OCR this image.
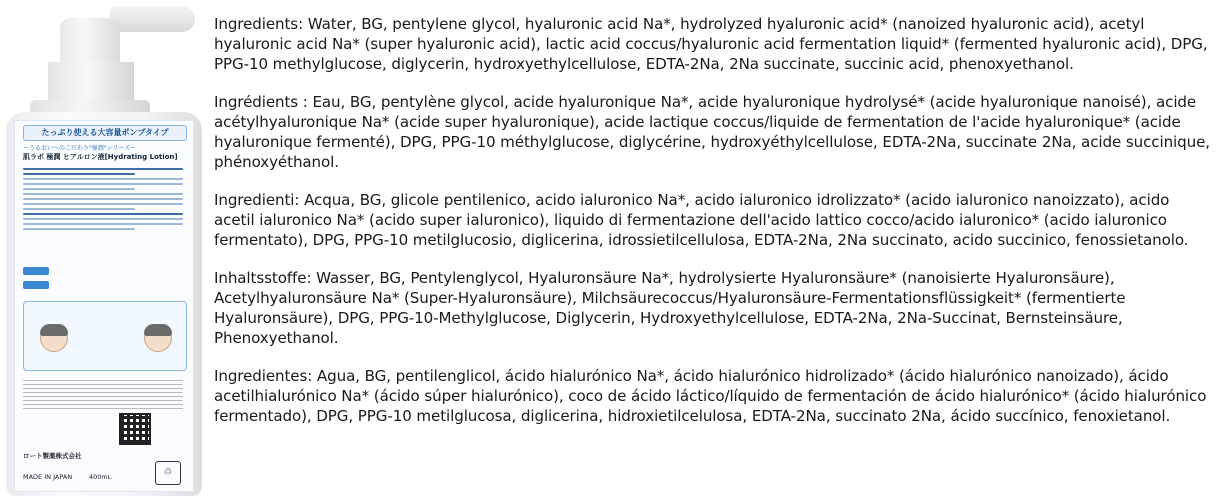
たっぷり使える大容量ポンプタイプ
ーうるおいへのこだわり"極潤"シリーズー
肌ラボ 極潤 ヒアルロン液[Hydrating Lotion]
ロート製薬株式会社
MADE IN JAPAN	400mL	♲

Ingredients: Water, BG, pentylene glycol, hyaluronic acid Na*, hydrolyzed hyaluronic acid* (nanoized hyaluronic acid), acetyl hyaluronic acid Na* (super hyaluronic acid), lactic acid coccus/hyaluronic acid fermentation liquid* (fermented hyaluronic acid), DPG, PPG-10 methylglucose, diglycerin, hydroxyethylcellulose, EDTA-2Na, 2Na succinate, succinic acid, phenoxyethanol.

Ingrédients : Eau, BG, pentylène glycol, acide hyaluronique Na*, acide hyaluronique hydrolysé* (acide hyaluronique nanoisé), acide acétylhyaluronique Na* (acide super hyaluronique), acide lactique coccus/liquide de fermentation de l'acide hyaluronique* (acide hyaluronique fermenté), DPG, PPG-10 méthylglucose, diglycérine, hydroxyéthylcellulose, EDTA-2Na, succinate 2Na, acide succinique, phénoxyéthanol.

Ingredienti: Acqua, BG, glicole pentilenico, acido ialuronico Na*, acido ialuronico idrolizzato* (acido ialuronico nanoizzato), acido acetil ialuronico Na* (acido super ialuronico), liquido di fermentazione dell'acido lattico cocco/acido ialuronico* (acido ialuronico fermentato), DPG, PPG-10 metilglucosio, diglicerina, idrossietilcellulosa, EDTA-2Na, 2Na succinato, acido succinico, fenossietanolo.

Inhaltsstoffe: Wasser, BG, Pentylenglycol, Hyaluronsäure Na*, hydrolysierte Hyaluronsäure* (nanoisierte Hyaluronsäure), Acetylhyaluronsäure Na* (Super-Hyaluronsäure), Milchsäurecoccus/Hyaluronsäure-Fermentationsflüssigkeit* (fermentierte Hyaluronsäure), DPG, PPG-10-Methylglucose, Diglycerin, Hydroxyethylcellulose, EDTA-2Na, 2Na-Succinat, Bernsteinsäure, Phenoxyethanol.

Ingredientes: Agua, BG, pentilenglicol, ácido hialurónico Na*, ácido hialurónico hidrolizado* (ácido hialurónico nanoizado), ácido acetilhialurónico Na* (ácido súper hialurónico), coco de ácido láctico/líquido de fermentación de ácido hialurónico* (ácido hialurónico fermentado), DPG, PPG-10 metilglucosa, diglicerina, hidroxietilcelulosa, EDTA-2Na, succinato 2Na, ácido succínico, fenoxietanol.
